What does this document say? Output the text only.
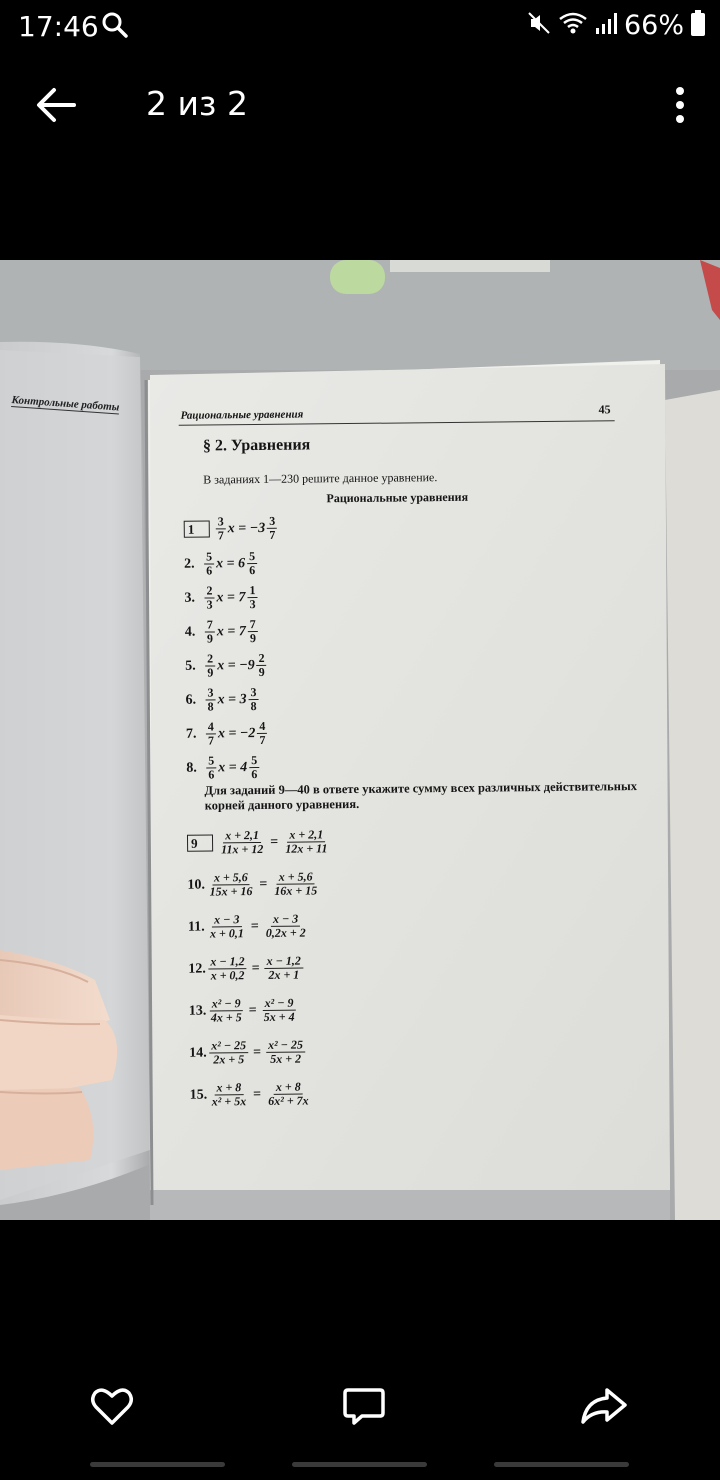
17:46	66%
2 из 2
Контрольные работы
Рациональные уравнения	45
§ 2. Уравнения
В заданиях 1—230 решите данное уравнение.
Рациональные уравнения
1	$\frac{3}{7}$ $x = -3 \frac{3}{7}$
2. $\frac{5}{6}$ $x = 6 \frac{5}{6}$
3. $\frac{2}{3}$ $x = 7 \frac{1}{3}$
4. $\frac{7}{9}$ $x = 7 \frac{7}{9}$
5. $\frac{2}{9}$ $x = -9 \frac{2}{9}$
6. $\frac{3}{8}$ $x = 3 \frac{3}{8}$
7. $\frac{4}{7}$ $x = -2 \frac{4}{7}$
8. $\frac{5}{6}$ $x = 4 \frac{5}{6}$
Для заданий 9—40 в ответе укажите сумму всех различных действительных корней данного уравнения.
9	$\frac{x + 2,1}{11x + 12} = \frac{x + 2,1}{12x + 11}$
10. $\frac{x + 5,6}{15x + 16} = \frac{x + 5,6}{16x + 15}$
11. $\frac{x - 3}{x + 0,1} = \frac{x - 3}{0,2x + 2}$
12. $\frac{x - 1,2}{x + 0,2} = \frac{x - 1,2}{2x + 1}$
13. $\frac{\text{x² − 9}}{4x + 5} = \frac{\text{x² − 9}}{5x + 4}$
14. $\frac{\text{x² − 25}}{2x + 5} = \frac{\text{x² − 25}}{5x + 2}$
15. $\frac{x + 8}{\text{x² + 5x}} = \frac{x + 8}{\text{6x² + 7x}}$
